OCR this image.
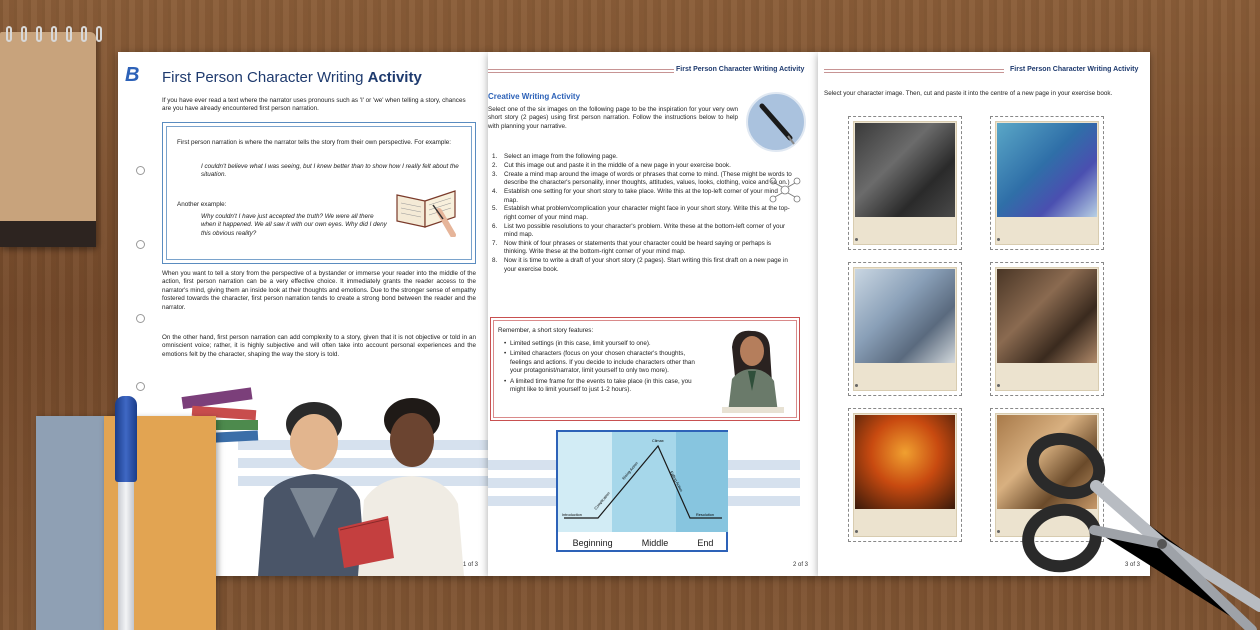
B First Person Character Writing Activity
If you have ever read a text where the narrator uses pronouns such as 'I' or 'we' when telling a story, chances are you have already encountered first person narration.
First person narration is where the narrator tells the story from their own perspective. For example:
I couldn't believe what I was seeing, but I knew better than to show how I really felt about the situation.
Another example:
Why couldn't I have just accepted the truth? We were all there when it happened. We all saw it with our own eyes. Why did I deny this obvious reality?
When you want to tell a story from the perspective of a bystander or immerse your reader into the middle of the action, first person narration can be a very effective choice. It immediately grants the reader access to the narrator's mind, giving them an inside look at their thoughts and emotions. Due to the stronger sense of empathy fostered towards the character, first person narration tends to create a strong bond between the reader and the narrator.
On the other hand, first person narration can add complexity to a story, given that it is not objective or told in an omniscient voice; rather, it is highly subjective and will often take into account personal experiences and the emotions felt by the character, shaping the way the story is told.
1 of 3
First Person Character Writing Activity
Creative Writing Activity
Select one of the six images on the following page to be the inspiration for your very own short story (2 pages) using first person narration. Follow the instructions below to help with planning your narrative.
1. Select an image from the following page.
2. Cut this image out and paste it in the middle of a new page in your exercise book.
3. Create a mind map around the image of words or phrases that come to mind. (These might be words to describe the character's personality, inner thoughts, attitudes, values, looks, clothing, voice and so on.)
4. Establish one setting for your short story to take place. Write this at the top-left corner of your mind map.
5. Establish what problem/complication your character might face in your short story. Write this at the top-right corner of your mind map.
6. List two possible resolutions to your character's problem. Write these at the bottom-left corner of your mind map.
7. Now think of four phrases or statements that your character could be heard saying or perhaps is thinking. Write these at the bottom-right corner of your mind map.
8. Now it is time to write a draft of your short story (2 pages). Start writing this first draft on a new page in your exercise book.
Remember, a short story features:
• Limited settings (in this case, limit yourself to one).
• Limited characters (focus on your chosen character's thoughts, feelings and actions. If you decide to include characters other than your protagonist/narrator, limit yourself to only two more).
• A limited time frame for the events to take place (in this case, you might like to limit yourself to just 1-2 hours).
Introduction
Complication
Rising Action
Climax
Falling Action
Resolution
Beginning	Middle	End
2 of 3
First Person Character Writing Activity
Select your character image. Then, cut and paste it into the centre of a new page in your exercise book.
3 of 3
